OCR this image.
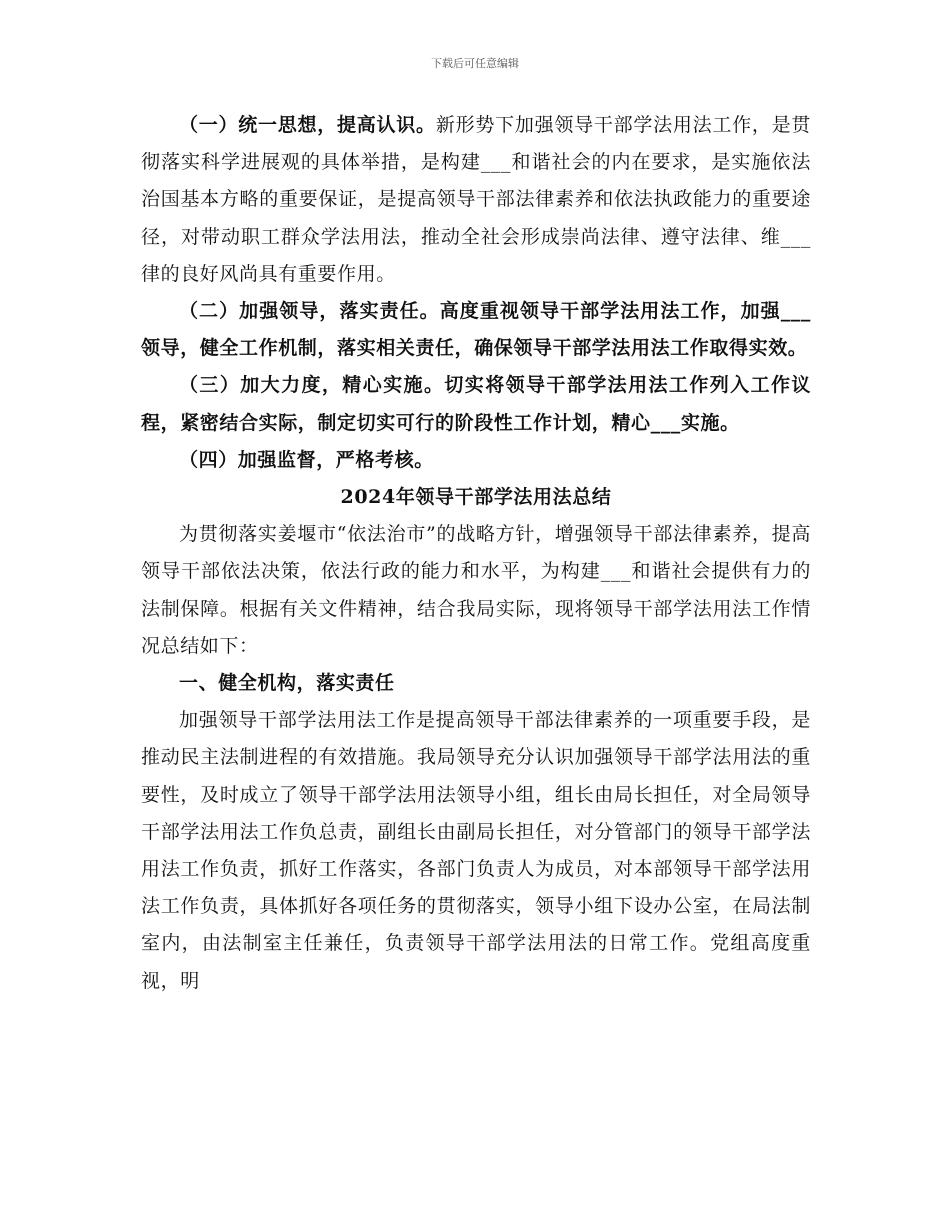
下载后可任意编辑

（一）统一思想，提高认识。新形势下加强领导干部学法用法工作，是贯彻落实科学进展观的具体举措，是构建___和谐社会的内在要求，是实施依法治国基本方略的重要保证，是提高领导干部法律素养和依法执政能力的重要途径，对带动职工群众学法用法，推动全社会形成崇尚法律、遵守法律、维___律的良好风尚具有重要作用。

（二）加强领导，落实责任。高度重视领导干部学法用法工作，加强___领导，健全工作机制，落实相关责任，确保领导干部学法用法工作取得实效。

（三）加大力度，精心实施。切实将领导干部学法用法工作列入工作议程，紧密结合实际，制定切实可行的阶段性工作计划，精心___实施。

（四）加强监督，严格考核。

2024年领导干部学法用法总结

为贯彻落实姜堰市“依法治市”的战略方针，增强领导干部法律素养，提高领导干部依法决策，依法行政的能力和水平，为构建___和谐社会提供有力的法制保障。根据有关文件精神，结合我局实际，现将领导干部学法用法工作情况总结如下：

一、健全机构，落实责任

加强领导干部学法用法工作是提高领导干部法律素养的一项重要手段，是推动民主法制进程的有效措施。我局领导充分认识加强领导干部学法用法的重要性，及时成立了领导干部学法用法领导小组，组长由局长担任，对全局领导干部学法用法工作负总责，副组长由副局长担任，对分管部门的领导干部学法用法工作负责，抓好工作落实，各部门负责人为成员，对本部领导干部学法用法工作负责，具体抓好各项任务的贯彻落实，领导小组下设办公室，在局法制室内，由法制室主任兼任，负责领导干部学法用法的日常工作。党组高度重视，明
